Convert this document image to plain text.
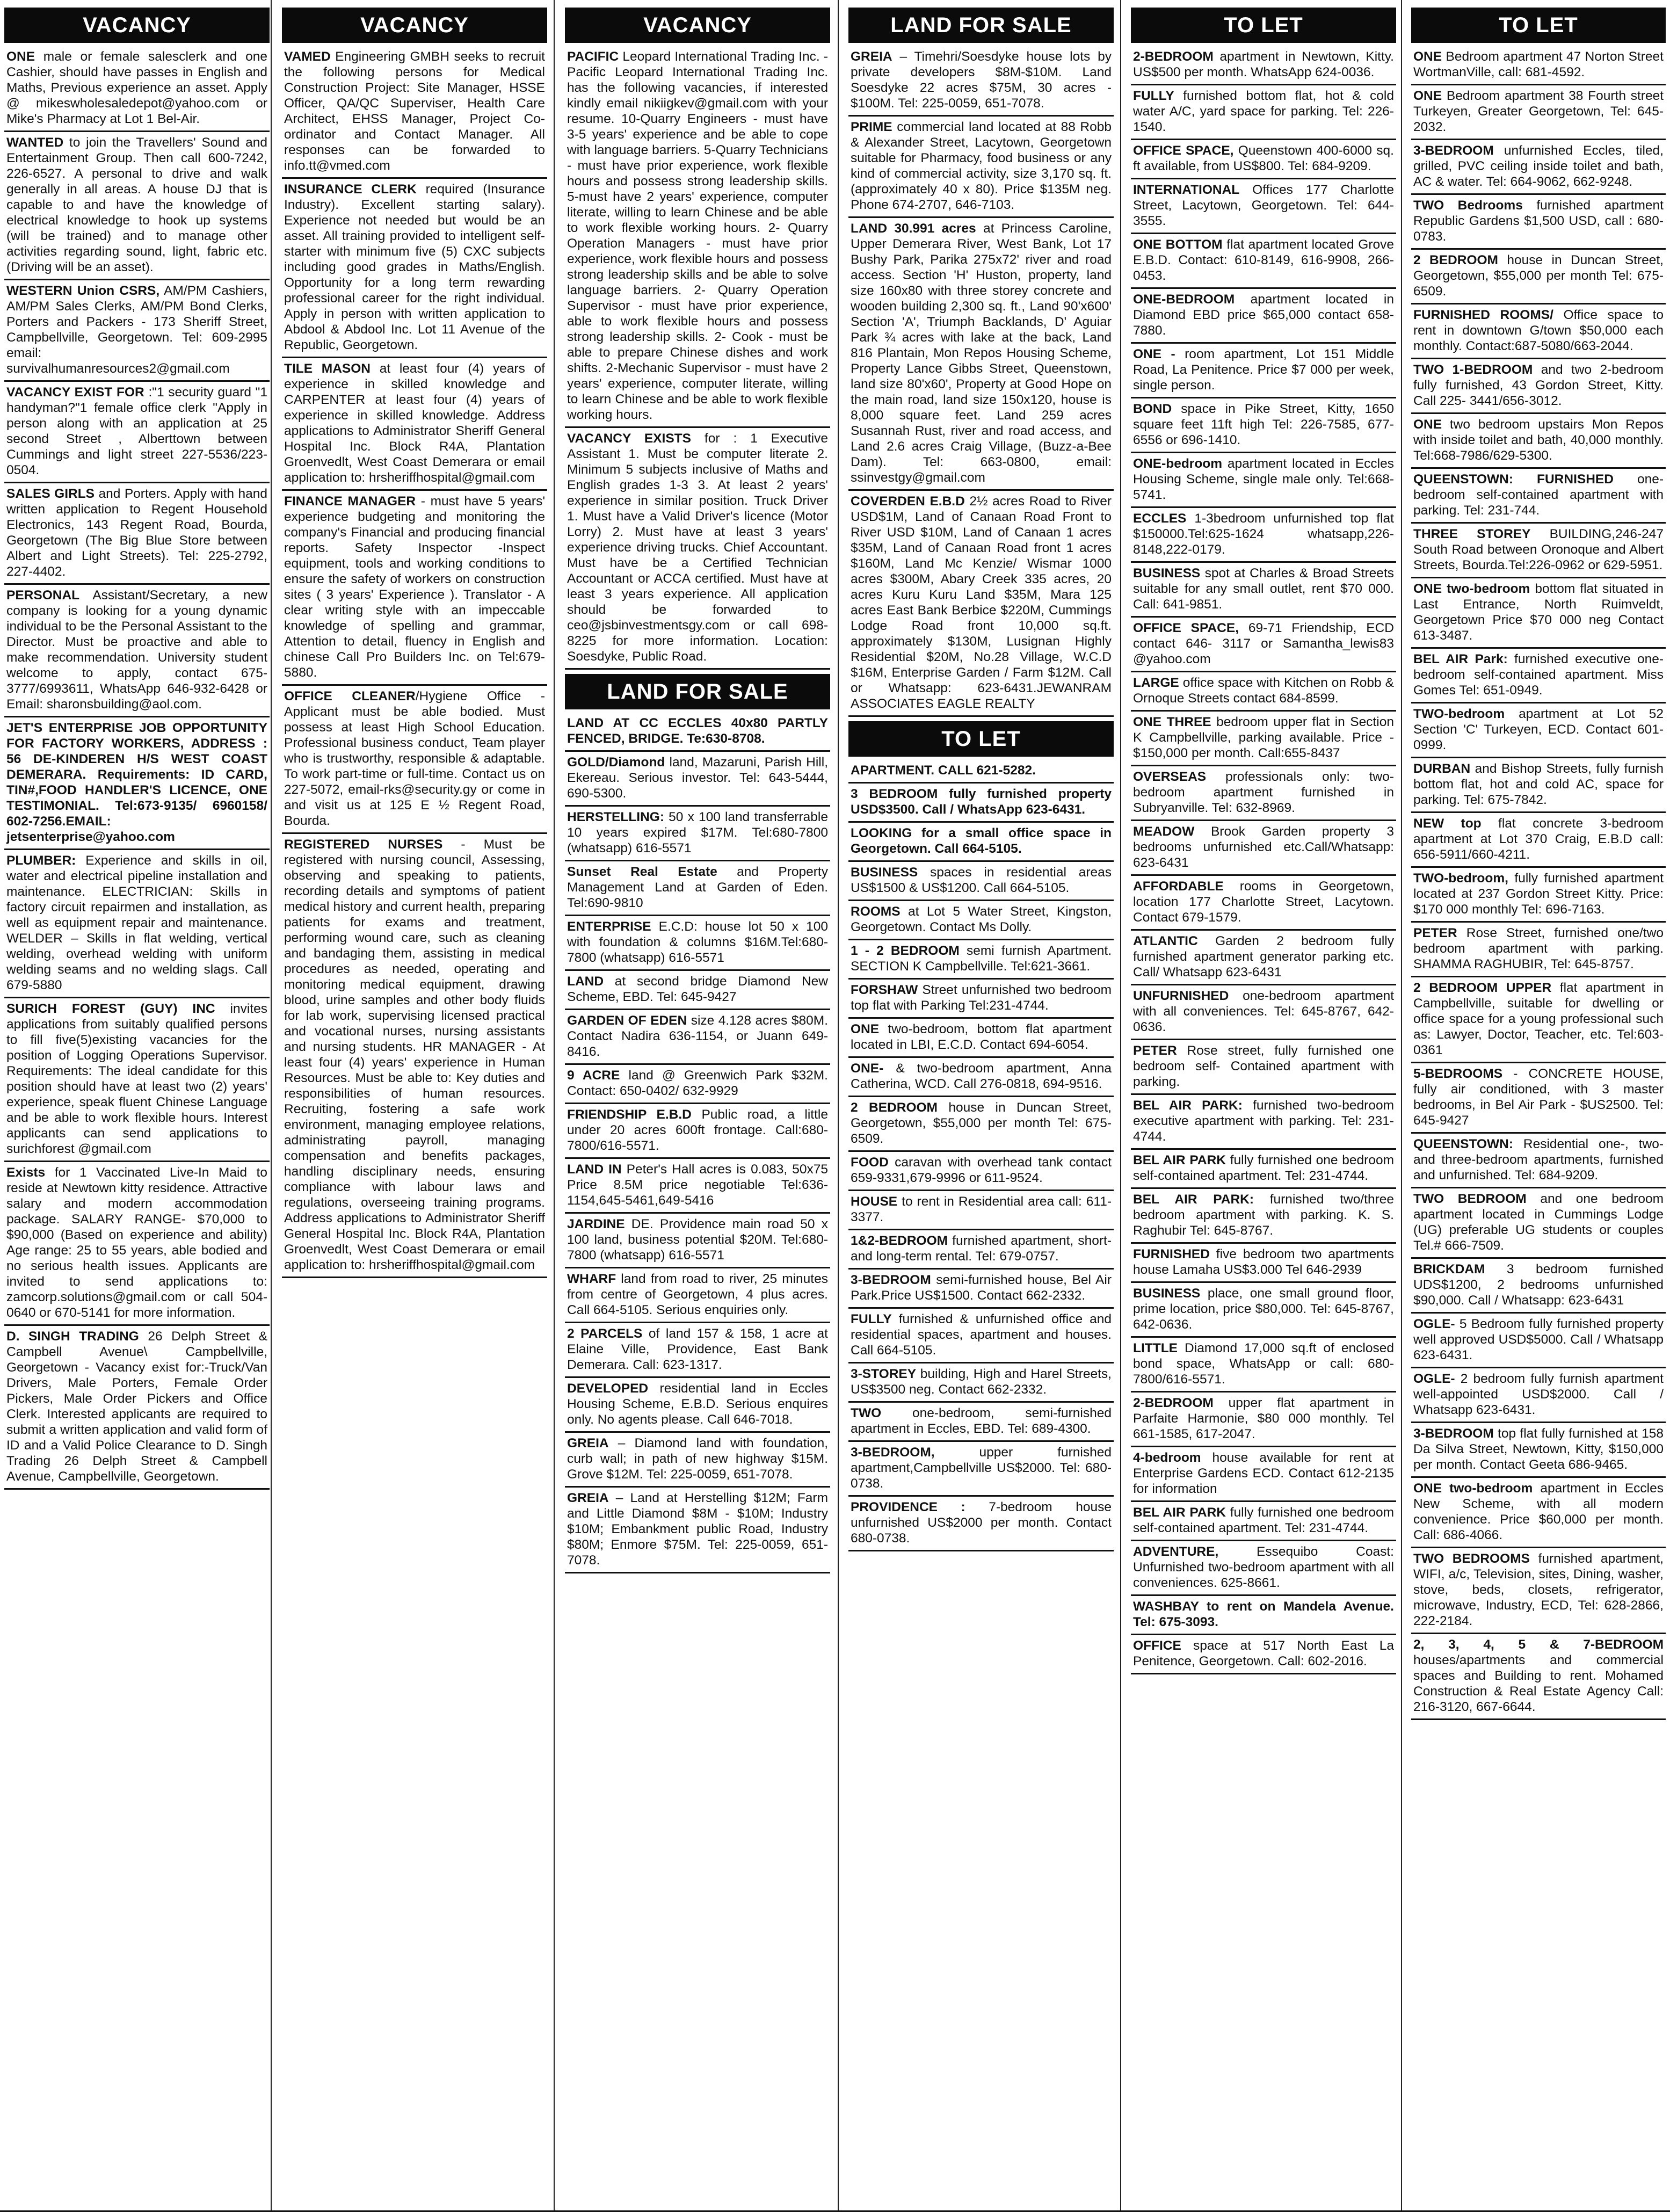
VACANCY
ONE male or female salesclerk and one Cashier, should have passes in English and Maths, Previous experience an asset. Apply @ mikeswholesaledepot@yahoo.com or Mike's Pharmacy at Lot 1 Bel-Air.
WANTED to join the Travellers' Sound and Entertainment Group. Then call 600-7242, 226-6527. A personal to drive and walk generally in all areas. A house DJ that is capable to and have the knowledge of electrical knowledge to hook up systems (will be trained) and to manage other activities regarding sound, light, fabric etc. (Driving will be an asset).
WESTERN Union CSRS, AM/PM Cashiers, AM/PM Sales Clerks, AM/PM Bond Clerks, Porters and Packers - 173 Sheriff Street, Campbellville, Georgetown. Tel: 609-2995 email: survivalhumanresources2@gmail.com
VACANCY EXIST FOR :"1 security guard "1 handyman?"1 female office clerk "Apply in person along with an application at 25 second Street , Alberttown between Cummings and light street 227-5536/223-0504.
SALES GIRLS and Porters. Apply with hand written application to Regent Household Electronics, 143 Regent Road, Bourda, Georgetown (The Big Blue Store between Albert and Light Streets). Tel: 225-2792, 227-4402.
PERSONAL Assistant/Secretary, a new company is looking for a young dynamic individual to be the Personal Assistant to the Director. Must be proactive and able to make recommendation. University student welcome to apply, contact 675-3777/6993611, WhatsApp 646-932-6428 or Email: sharonsbuilding@aol.com.
JET'S ENTERPRISE JOB OPPORTUNITY FOR FACTORY WORKERS, ADDRESS : 56 DE-KINDEREN H/S WEST COAST DEMERARA. Requirements: ID CARD, TIN#,FOOD HANDLER'S LICENCE, ONE TESTIMONIAL. Tel:673-9135/ 6960158/ 602-7256.EMAIL: jetsenterprise@yahoo.com
PLUMBER: Experience and skills in oil, water and electrical pipeline installation and maintenance. ELECTRICIAN: Skills in factory circuit repairmen and installation, as well as equipment repair and maintenance. WELDER – Skills in flat welding, vertical welding, overhead welding with uniform welding seams and no welding slags. Call 679-5880
SURICH FOREST (GUY) INC invites applications from suitably qualified persons to fill five(5)existing vacancies for the position of Logging Operations Supervisor. Requirements: The ideal candidate for this position should have at least two (2) years' experience, speak fluent Chinese Language and be able to work flexible hours. Interest applicants can send applications to surichforest @gmail.com
Exists for 1 Vaccinated Live-In Maid to reside at Newtown kitty residence. Attractive salary and modern accommodation package. SALARY RANGE- $70,000 to $90,000 (Based on experience and ability) Age range: 25 to 55 years, able bodied and no serious health issues. Applicants are invited to send applications to: zamcorp.solutions@gmail.com or call 504-0640 or 670-5141 for more information.
D. SINGH TRADING 26 Delph Street & Campbell Avenue\ Campbellville, Georgetown - Vacancy exist for:-Truck/Van Drivers, Male Porters, Female Order Pickers, Male Order Pickers and Office Clerk. Interested applicants are required to submit a written application and valid form of ID and a Valid Police Clearance to D. Singh Trading 26 Delph Street & Campbell Avenue, Campbellville, Georgetown.
VACANCY
VAMED Engineering GMBH seeks to recruit the following persons for Medical Construction Project: Site Manager, HSSE Officer, QA/QC Superviser, Health Care Architect, EHSS Manager, Project Co-ordinator and Contact Manager. All responses can be forwarded to info.tt@vmed.com
INSURANCE CLERK required (Insurance Industry). Excellent starting salary). Experience not needed but would be an asset. All training provided to intelligent self-starter with minimum five (5) CXC subjects including good grades in Maths/English. Opportunity for a long term rewarding professional career for the right individual. Apply in person with written application to Abdool & Abdool Inc. Lot 11 Avenue of the Republic, Georgetown.
TILE MASON at least four (4) years of experience in skilled knowledge and CARPENTER at least four (4) years of experience in skilled knowledge. Address applications to Administrator Sheriff General Hospital Inc. Block R4A, Plantation Groenvedlt, West Coast Demerara or email application to: hrsheriffhospital@gmail.com
FINANCE MANAGER - must have 5 years' experience budgeting and monitoring the company's Financial and producing financial reports. Safety Inspector -Inspect equipment, tools and working conditions to ensure the safety of workers on construction sites ( 3 years' Experience ). Translator - A clear writing style with an impeccable knowledge of spelling and grammar, Attention to detail, fluency in English and chinese Call Pro Builders Inc. on Tel:679-5880.
OFFICE CLEANER/Hygiene Office - Applicant must be able bodied. Must possess at least High School Education. Professional business conduct, Team player who is trustworthy, responsible & adaptable. To work part-time or full-time. Contact us on 227-5072, email-rks@security.gy or come in and visit us at 125 E ½ Regent Road, Bourda.
REGISTERED NURSES - Must be registered with nursing council, Assessing, observing and speaking to patients, recording details and symptoms of patient medical history and current health, preparing patients for exams and treatment, performing wound care, such as cleaning and bandaging them, assisting in medical procedures as needed, operating and monitoring medical equipment, drawing blood, urine samples and other body fluids for lab work, supervising licensed practical and vocational nurses, nursing assistants and nursing students. HR MANAGER - At least four (4) years' experience in Human Resources. Must be able to: Key duties and responsibilities of human resources. Recruiting, fostering a safe work environment, managing employee relations, administrating payroll, managing compensation and benefits packages, handling disciplinary needs, ensuring compliance with labour laws and regulations, overseeing training programs. Address applications to Administrator Sheriff General Hospital Inc. Block R4A, Plantation Groenvedlt, West Coast Demerara or email application to: hrsheriffhospital@gmail.com
VACANCY
PACIFIC Leopard International Trading Inc. - Pacific Leopard International Trading Inc. has the following vacancies, if interested kindly email nikiigkev@gmail.com with your resume. 10-Quarry Engineers - must have 3-5 years' experience and be able to cope with language barriers. 5-Quarry Technicians - must have prior experience, work flexible hours and possess strong leadership skills. 5-must have 2 years' experience, computer literate, willing to learn Chinese and be able to work flexible working hours. 2- Quarry Operation Managers - must have prior experience, work flexible hours and possess strong leadership skills and be able to solve language barriers. 2- Quarry Operation Supervisor - must have prior experience, able to work flexible hours and possess strong leadership skills. 2- Cook - must be able to prepare Chinese dishes and work shifts. 2-Mechanic Supervisor - must have 2 years' experience, computer literate, willing to learn Chinese and be able to work flexible working hours.
VACANCY EXISTS for : 1 Executive Assistant 1. Must be computer literate 2. Minimum 5 subjects inclusive of Maths and English grades 1-3 3. At least 2 years' experience in similar position. Truck Driver 1. Must have a Valid Driver's licence (Motor Lorry) 2. Must have at least 3 years' experience driving trucks. Chief Accountant. Must have be a Certified Technician Accountant or ACCA certified. Must have at least 3 years experience. All application should be forwarded to ceo@jsbinvestmentsgy.com or call 698-8225 for more information. Location: Soesdyke, Public Road.
LAND FOR SALE
LAND AT CC ECCLES 40x80 PARTLY FENCED, BRIDGE. Te:630-8708.
GOLD/Diamond land, Mazaruni, Parish Hill, Ekereau. Serious investor. Tel: 643-5444, 690-5300.
HERSTELLING: 50 x 100 land transferrable 10 years expired $17M. Tel:680-7800 (whatsapp) 616-5571
Sunset Real Estate and Property Management Land at Garden of Eden. Tel:690-9810
ENTERPRISE E.C.D: house lot 50 x 100 with foundation & columns $16M.Tel:680-7800 (whatsapp) 616-5571
LAND at second bridge Diamond New Scheme, EBD. Tel: 645-9427
GARDEN OF EDEN size 4.128 acres $80M. Contact Nadira 636-1154, or Juann 649-8416.
9 ACRE land @ Greenwich Park $32M. Contact: 650-0402/ 632-9929
FRIENDSHIP E.B.D Public road, a little under 20 acres 600ft frontage. Call:680-7800/616-5571.
LAND IN Peter's Hall acres is 0.083, 50x75 Price 8.5M price negotiable Tel:636-1154,645-5461,649-5416
JARDINE DE. Providence main road 50 x 100 land, business potential $20M. Tel:680-7800 (whatsapp) 616-5571
WHARF land from road to river, 25 minutes from centre of Georgetown, 4 plus acres. Call 664-5105. Serious enquiries only.
2 PARCELS of land 157 & 158, 1 acre at Elaine Ville, Providence, East Bank Demerara. Call: 623-1317.
DEVELOPED residential land in Eccles Housing Scheme, E.B.D. Serious enquires only. No agents please. Call 646-7018.
GREIA – Diamond land with foundation, curb wall; in path of new highway $15M. Grove $12M. Tel: 225-0059, 651-7078.
GREIA – Land at Herstelling $12M; Farm and Little Diamond $8M - $10M; Industry $10M; Embankment public Road, Industry $80M; Enmore $75M. Tel: 225-0059, 651-7078.
LAND FOR SALE
GREIA – Timehri/Soesdyke house lots by private developers $8M-$10M. Land Soesdyke 22 acres $75M, 30 acres - $100M. Tel: 225-0059, 651-7078.
PRIME commercial land located at 88 Robb & Alexander Street, Lacytown, Georgetown suitable for Pharmacy, food business or any kind of commercial activity, size 3,170 sq. ft. (approximately 40 x 80). Price $135M neg. Phone 674-2707, 646-7103.
LAND 30.991 acres at Princess Caroline, Upper Demerara River, West Bank, Lot 17 Bushy Park, Parika 275x72' river and road access. Section 'H' Huston, property, land size 160x80 with three storey concrete and wooden building 2,300 sq. ft., Land 90'x600' Section 'A', Triumph Backlands, D' Aguiar Park ¾ acres with lake at the back, Land 816 Plantain, Mon Repos Housing Scheme, Property Lance Gibbs Street, Queenstown, land size 80'x60', Property at Good Hope on the main road, land size 150x120, house is 8,000 square feet. Land 259 acres Susannah Rust, river and road access, and Land 2.6 acres Craig Village, (Buzz-a-Bee Dam). Tel: 663-0800, email: ssinvestgy@gmail.com
COVERDEN E.B.D 2½ acres Road to River USD$1M, Land of Canaan Road Front to River USD $10M, Land of Canaan 1 acres $35M, Land of Canaan Road front 1 acres $160M, Land Mc Kenzie/ Wismar 1000 acres $300M, Abary Creek 335 acres, 20 acres Kuru Kuru Land $35M, Mara 125 acres East Bank Berbice $220M, Cummings Lodge Road front 10,000 sq.ft. approximately $130M, Lusignan Highly Residential $20M, No.28 Village, W.C.D $16M, Enterprise Garden / Farm $12M. Call or Whatsapp: 623-6431.JEWANRAM ASSOCIATES EAGLE REALTY
TO LET
APARTMENT. CALL 621-5282.
3 BEDROOM fully furnished property USD$3500. Call / WhatsApp 623-6431.
LOOKING for a small office space in Georgetown. Call 664-5105.
BUSINESS spaces in residential areas US$1500 & US$1200. Call 664-5105.
ROOMS at Lot 5 Water Street, Kingston, Georgetown. Contact Ms Dolly.
1 - 2 BEDROOM semi furnish Apartment. SECTION K Campbellville. Tel:621-3661.
FORSHAW Street unfurnished two bedroom top flat with Parking Tel:231-4744.
ONE two-bedroom, bottom flat apartment located in LBI, E.C.D. Contact 694-6054.
ONE- & two-bedroom apartment, Anna Catherina, WCD. Call 276-0818, 694-9516.
2 BEDROOM house in Duncan Street, Georgetown, $55,000 per month Tel: 675-6509.
FOOD caravan with overhead tank contact 659-9331,679-9996 or 611-9524.
HOUSE to rent in Residential area call: 611-3377.
1&2-BEDROOM furnished apartment, short- and long-term rental. Tel: 679-0757.
3-BEDROOM semi-furnished house, Bel Air Park.Price US$1500. Contact 662-2332.
FULLY furnished & unfurnished office and residential spaces, apartment and houses. Call 664-5105.
3-STOREY building, High and Harel Streets, US$3500 neg. Contact 662-2332.
TWO one-bedroom, semi-furnished apartment in Eccles, EBD. Tel: 689-4300.
3-BEDROOM, upper furnished apartment,Campbellville US$2000. Tel: 680-0738.
PROVIDENCE : 7-bedroom house unfurnished US$2000 per month. Contact 680-0738.
TO LET
2-BEDROOM apartment in Newtown, Kitty. US$500 per month. WhatsApp 624-0036.
FULLY furnished bottom flat, hot & cold water A/C, yard space for parking. Tel: 226-1540.
OFFICE SPACE, Queenstown 400-6000 sq. ft available, from US$800. Tel: 684-9209.
INTERNATIONAL Offices 177 Charlotte Street, Lacytown, Georgetown. Tel: 644-3555.
ONE BOTTOM flat apartment located Grove E.B.D. Contact: 610-8149, 616-9908, 266-0453.
ONE-BEDROOM apartment located in Diamond EBD price $65,000 contact 658-7880.
ONE - room apartment, Lot 151 Middle Road, La Penitence. Price $7 000 per week, single person.
BOND space in Pike Street, Kitty, 1650 square feet 11ft high Tel: 226-7585, 677-6556 or 696-1410.
ONE-bedroom apartment located in Eccles Housing Scheme, single male only. Tel:668-5741.
ECCLES 1-3bedroom unfurnished top flat $150000.Tel:625-1624 whatsapp,226-8148,222-0179.
BUSINESS spot at Charles & Broad Streets suitable for any small outlet, rent $70 000. Call: 641-9851.
OFFICE SPACE, 69-71 Friendship, ECD contact 646- 3117 or Samantha_lewis83 @yahoo.com
LARGE office space with Kitchen on Robb & Ornoque Streets contact 684-8599.
ONE THREE bedroom upper flat in Section K Campbellville, parking available. Price - $150,000 per month. Call:655-8437
OVERSEAS professionals only: two-bedroom apartment furnished in Subryanville. Tel: 632-8969.
MEADOW Brook Garden property 3 bedrooms unfurnished etc.Call/Whatsapp: 623-6431
AFFORDABLE rooms in Georgetown, location 177 Charlotte Street, Lacytown. Contact 679-1579.
ATLANTIC Garden 2 bedroom fully furnished apartment generator parking etc. Call/ Whatsapp 623-6431
UNFURNISHED one-bedroom apartment with all conveniences. Tel: 645-8767, 642-0636.
PETER Rose street, fully furnished one bedroom self- Contained apartment with parking.
BEL AIR PARK: furnished two-bedroom executive apartment with parking. Tel: 231-4744.
BEL AIR PARK fully furnished one bedroom self-contained apartment. Tel: 231-4744.
BEL AIR PARK: furnished two/three bedroom apartment with parking. K. S. Raghubir Tel: 645-8767.
FURNISHED five bedroom two apartments house Lamaha US$3.000 Tel 646-2939
BUSINESS place, one small ground floor, prime location, price $80,000. Tel: 645-8767, 642-0636.
LITTLE Diamond 17,000 sq.ft of enclosed bond space, WhatsApp or call: 680-7800/616-5571.
2-BEDROOM upper flat apartment in Parfaite Harmonie, $80 000 monthly. Tel 661-1585, 617-2047.
4-bedroom house available for rent at Enterprise Gardens ECD. Contact 612-2135 for information
BEL AIR PARK fully furnished one bedroom self-contained apartment. Tel: 231-4744.
ADVENTURE, Essequibo Coast: Unfurnished two-bedroom apartment with all conveniences. 625-8661.
WASHBAY to rent on Mandela Avenue. Tel: 675-3093.
OFFICE space at 517 North East La Penitence, Georgetown. Call: 602-2016.
TO LET
ONE Bedroom apartment 47 Norton Street WortmanVille, call: 681-4592.
ONE Bedroom apartment 38 Fourth street Turkeyen, Greater Georgetown, Tel: 645-2032.
3-BEDROOM unfurnished Eccles, tiled, grilled, PVC ceiling inside toilet and bath, AC & water. Tel: 664-9062, 662-9248.
TWO Bedrooms furnished apartment Republic Gardens $1,500 USD, call : 680-0783.
2 BEDROOM house in Duncan Street, Georgetown, $55,000 per month Tel: 675-6509.
FURNISHED ROOMS/ Office space to rent in downtown G/town $50,000 each monthly. Contact:687-5080/663-2044.
TWO 1-BEDROOM and two 2-bedroom fully furnished, 43 Gordon Street, Kitty. Call 225- 3441/656-3012.
ONE two bedroom upstairs Mon Repos with inside toilet and bath, 40,000 monthly. Tel:668-7986/629-5300.
QUEENSTOWN: FURNISHED one-bedroom self-contained apartment with parking. Tel: 231-744.
THREE STOREY BUILDING,246-247 South Road between Oronoque and Albert Streets, Bourda.Tel:226-0962 or 629-5951.
ONE two-bedroom bottom flat situated in Last Entrance, North Ruimveldt, Georgetown Price $70 000 neg Contact 613-3487.
BEL AIR Park: furnished executive one-bedroom self-contained apartment. Miss Gomes Tel: 651-0949.
TWO-bedroom apartment at Lot 52 Section 'C' Turkeyen, ECD. Contact 601-0999.
DURBAN and Bishop Streets, fully furnish bottom flat, hot and cold AC, space for parking. Tel: 675-7842.
NEW top flat concrete 3-bedroom apartment at Lot 370 Craig, E.B.D call: 656-5911/660-4211.
TWO-bedroom, fully furnished apartment located at 237 Gordon Street Kitty. Price: $170 000 monthly Tel: 696-7163.
PETER Rose Street, furnished one/two bedroom apartment with parking. SHAMMA RAGHUBIR, Tel: 645-8757.
2 BEDROOM UPPER flat apartment in Campbellville, suitable for dwelling or office space for a young professional such as: Lawyer, Doctor, Teacher, etc. Tel:603-0361
5-BEDROOMS - CONCRETE HOUSE, fully air conditioned, with 3 master bedrooms, in Bel Air Park - $US2500. Tel: 645-9427
QUEENSTOWN: Residential one-, two- and three-bedroom apartments, furnished and unfurnished. Tel: 684-9209.
TWO BEDROOM and one bedroom apartment located in Cummings Lodge (UG) preferable UG students or couples Tel.# 666-7509.
BRICKDAM 3 bedroom furnished UDS$1200, 2 bedrooms unfurnished $90,000. Call / Whatsapp: 623-6431
OGLE- 5 Bedroom fully furnished property well approved USD$5000. Call / Whatsapp 623-6431.
OGLE- 2 bedroom fully furnish apartment well-appointed USD$2000. Call / Whatsapp 623-6431.
3-BEDROOM top flat fully furnished at 158 Da Silva Street, Newtown, Kitty, $150,000 per month. Contact Geeta 686-9465.
ONE two-bedroom apartment in Eccles New Scheme, with all modern convenience. Price $60,000 per month. Call: 686-4066.
TWO BEDROOMS furnished apartment, WIFI, a/c, Television, sites, Dining, washer, stove, beds, closets, refrigerator, microwave, Industry, ECD, Tel: 628-2866, 222-2184.
2, 3, 4, 5 & 7-BEDROOM houses/apartments and commercial spaces and Building to rent. Mohamed Construction & Real Estate Agency Call: 216-3120, 667-6644.
